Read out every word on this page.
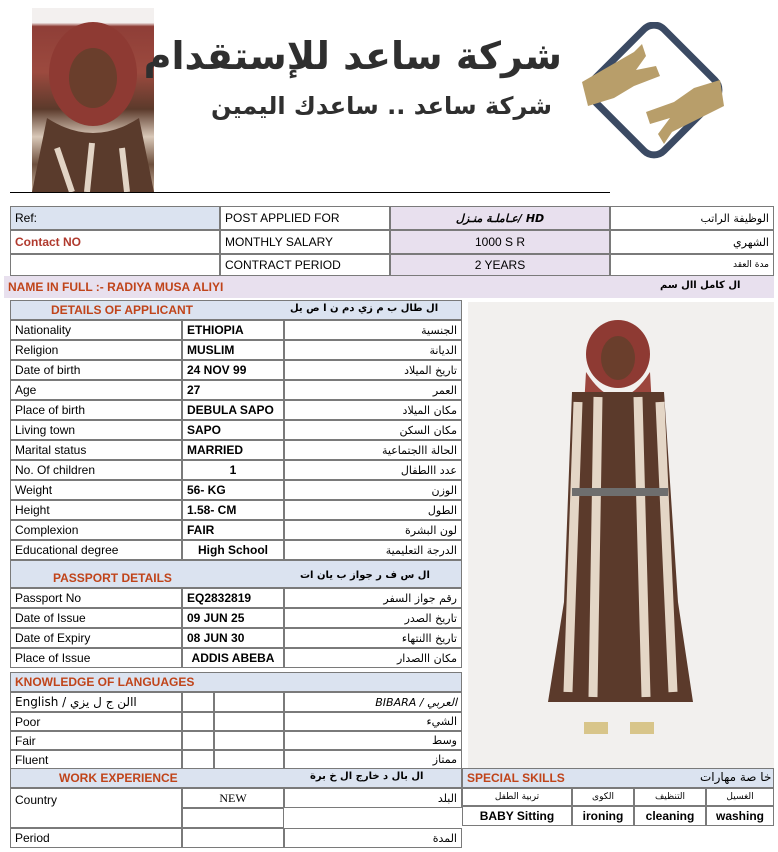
شركة ساعد للإستقدام
شركة ساعد .. ساعدك اليمين
Ref:
Contact NO
POST APPLIED FOR	عـاملـة منـزل/ HD	الوظيفة الراتب
MONTHLY SALARY	1000 S R	الشهري
CONTRACT PERIOD	2 YEARS	مدة العقد
NAME IN FULL :- RADIYA MUSA ALIYI	ال كامل اال سم
DETAILS OF APPLICANT	ال طال ب م زي دم ن ا ص يل
PASSPORT DETAILS	ال س ف ر جواز ب يان ات
KNOWLEDGE OF LANGUAGES
English / االن ج ل يزي	العربي / BIBARA
WORK EXPERIENCE	ال بال د خارج ال خ برة
Country	NEW	البلد
Period	المدة
SPECIAL SKILLS	خا صة مهارات
Nationality	ETHIOPIA	الجنسية
Religion	MUSLIM	الديانة
Date of birth	24 NOV 99	تاريخ الميلاد
Age	27	العمر
Place of birth	DEBULA SAPO	مكان الميلاد
Living town	SAPO	مكان السكن
Marital status	MARRIED	الحالة االجتماعية
No. Of children	1	عدد االطفال
Weight	56- KG	الوزن
Height	1.58- CM	الطول
Complexion	FAIR	لون البشرة
Educational degree	High School	الدرجة التعليمية
Passport No	EQ2832819	رقم جواز السفر
Date of Issue	09 JUN 25	تاريخ الصدر
Date of Expiry	08 JUN 30	تاريخ االنتهاء
Place of Issue	ADDIS ABEBA	مكان االصدار
Poor	الشيء
Fair	وسط
Fluent	ممتاز
تربية الطفل	الكوى	التنظيف	الغسيل
BABY Sitting	ironing	cleaning	washing
